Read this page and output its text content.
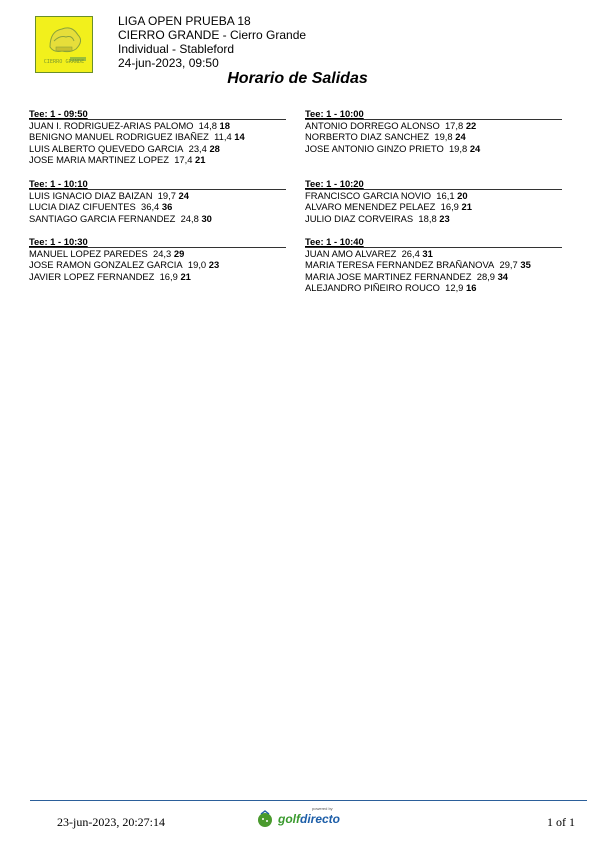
CIERRO GRANDE
LIGA OPEN PRUEBA 18
CIERRO GRANDE - Cierro Grande
Individual - Stableford
24-jun-2023, 09:50
Horario de Salidas
Tee: 1 - 09:50
JUAN I. RODRIGUEZ-ARIAS PALOMO 14,8 18
BENIGNO MANUEL RODRIGUEZ IBAÑEZ 11,4 14
LUIS ALBERTO QUEVEDO GARCIA 23,4 28
JOSE MARIA MARTINEZ LOPEZ 17,4 21
Tee: 1 - 10:00
ANTONIO DORREGO ALONSO 17,8 22
NORBERTO DIAZ SANCHEZ 19,8 24
JOSE ANTONIO GINZO PRIETO 19,8 24
Tee: 1 - 10:10
LUIS IGNACIO DIAZ BAIZAN 19,7 24
LUCIA DIAZ CIFUENTES 36,4 36
SANTIAGO GARCIA FERNANDEZ 24,8 30
Tee: 1 - 10:20
FRANCISCO GARCIA NOVIO 16,1 20
ALVARO MENENDEZ PELAEZ 16,9 21
JULIO DIAZ CORVEIRAS 18,8 23
Tee: 1 - 10:30
MANUEL LOPEZ PAREDES 24,3 29
JOSE RAMON GONZALEZ GARCIA 19,0 23
JAVIER LOPEZ FERNANDEZ 16,9 21
Tee: 1 - 10:40
JUAN AMO ALVAREZ 26,4 31
MARIA TERESA FERNANDEZ BRAÑANOVA 29,7 35
MARIA JOSE MARTINEZ FERNANDEZ 28,9 34
ALEJANDRO PIÑEIRO ROUCO 12,9 16
23-jun-2023, 20:27:14
powered by
golfdirecto	1 of 1
